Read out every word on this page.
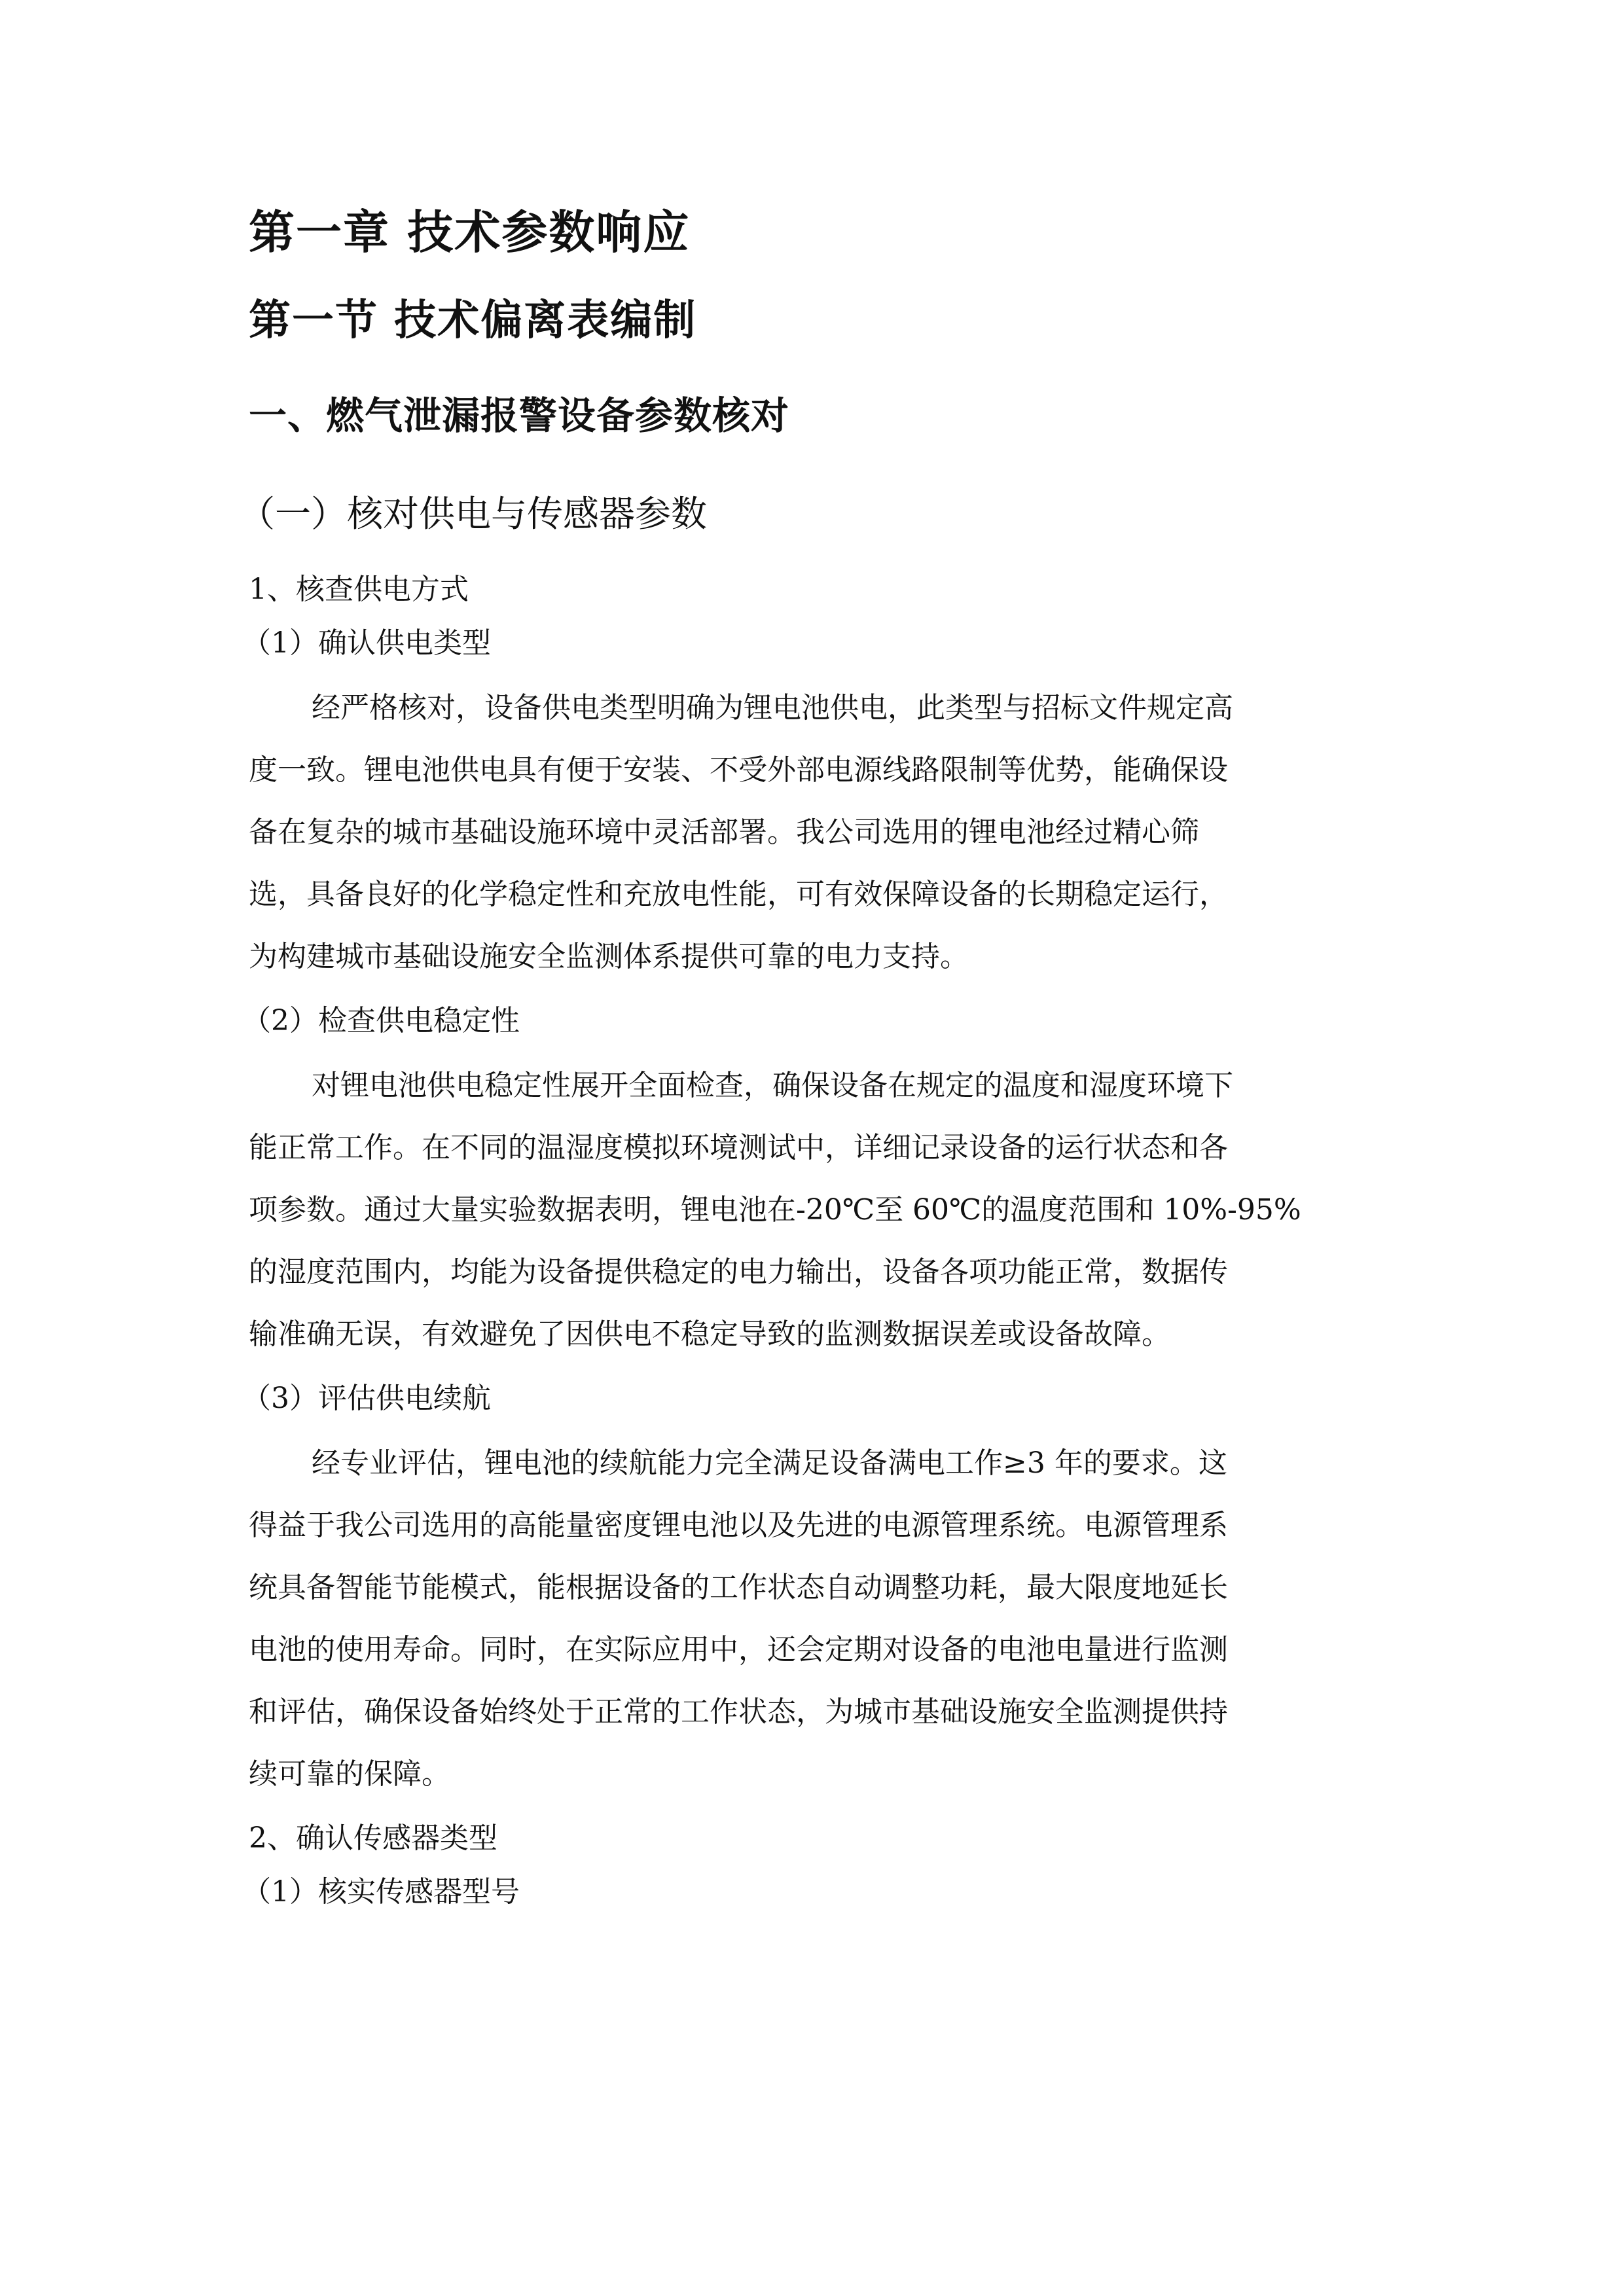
第一章 技术参数响应
第一节 技术偏离表编制
一、燃气泄漏报警设备参数核对
（一）核对供电与传感器参数
1、核查供电方式
（1）确认供电类型
经严格核对，设备供电类型明确为锂电池供电，此类型与招标文件规定高
度一致。锂电池供电具有便于安装、不受外部电源线路限制等优势，能确保设
备在复杂的城市基础设施环境中灵活部署。我公司选用的锂电池经过精心筛
选，具备良好的化学稳定性和充放电性能，可有效保障设备的长期稳定运行，
为构建城市基础设施安全监测体系提供可靠的电力支持。
（2）检查供电稳定性
对锂电池供电稳定性展开全面检查，确保设备在规定的温度和湿度环境下
能正常工作。在不同的温湿度模拟环境测试中，详细记录设备的运行状态和各
项参数。通过大量实验数据表明，锂电池在-20℃至 60℃的温度范围和 10%-95%
的湿度范围内，均能为设备提供稳定的电力输出，设备各项功能正常，数据传
输准确无误，有效避免了因供电不稳定导致的监测数据误差或设备故障。
（3）评估供电续航
经专业评估，锂电池的续航能力完全满足设备满电工作≥3 年的要求。这
得益于我公司选用的高能量密度锂电池以及先进的电源管理系统。电源管理系
统具备智能节能模式，能根据设备的工作状态自动调整功耗，最大限度地延长
电池的使用寿命。同时，在实际应用中，还会定期对设备的电池电量进行监测
和评估，确保设备始终处于正常的工作状态，为城市基础设施安全监测提供持
续可靠的保障。
2、确认传感器类型
（1）核实传感器型号
